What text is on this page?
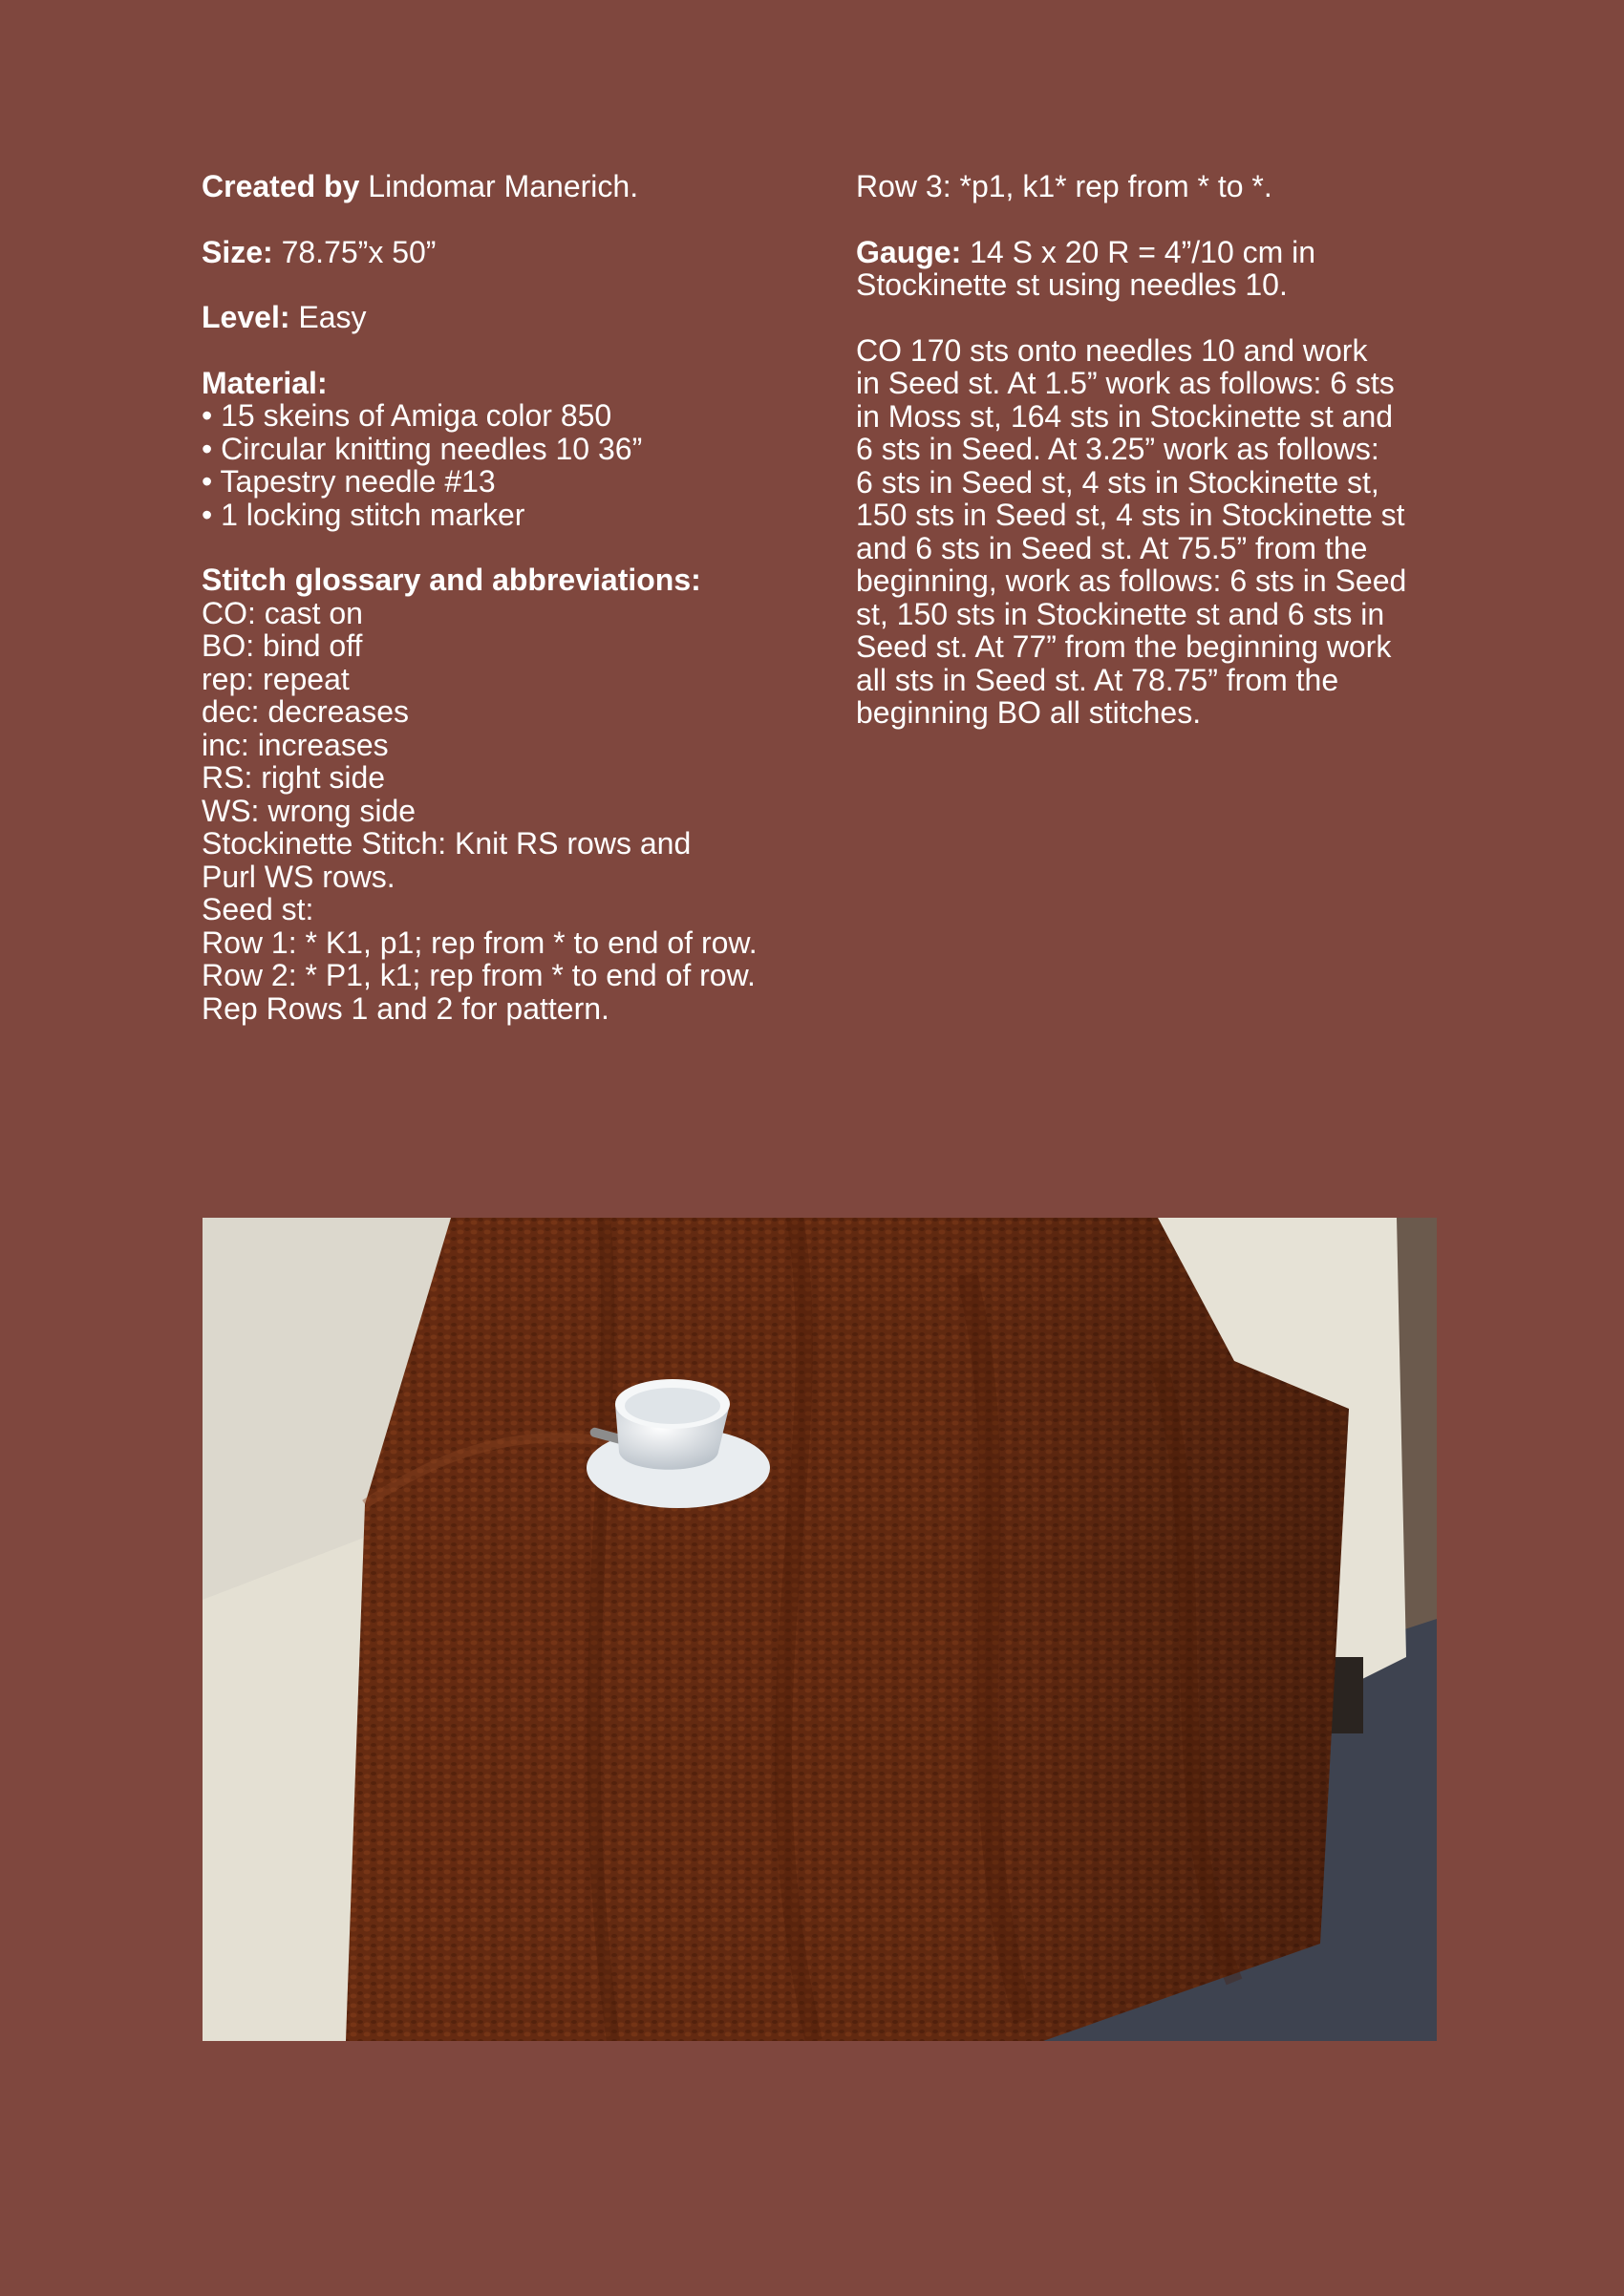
Created by Lindomar Manerich.

Size: 78.75”x 50”

Level: Easy

Material:
• 15 skeins of Amiga color 850
• Circular knitting needles 10 36”
• Tapestry needle #13
• 1 locking stitch marker
Stitch glossary and abbreviations:
CO: cast on
BO: bind off
rep: repeat
dec: decreases
inc: increases
RS: right side
WS: wrong side
Stockinette Stitch: Knit RS rows and
Purl WS rows.
Seed st:
Row 1: * K1, p1; rep from * to end of row.
Row 2: * P1, k1; rep from * to end of row.
Rep Rows 1 and 2 for pattern.

Row 3: *p1, k1* rep from * to *.

Gauge: 14 S x 20 R = 4”/10 cm in
Stockinette st using needles 10.
CO 170 sts onto needles 10 and work
in Seed st. At 1.5” work as follows: 6 sts
in Moss st, 164 sts in Stockinette st and
6 sts in Seed. At 3.25” work as follows:
6 sts in Seed st, 4 sts in Stockinette st,
150 sts in Seed st, 4 sts in Stockinette st
and 6 sts in Seed st. At 75.5” from the
beginning, work as follows: 6 sts in Seed
st, 150 sts in Stockinette st and 6 sts in
Seed st. At 77” from the beginning work
all sts in Seed st. At 78.75” from the
beginning BO all stitches.
